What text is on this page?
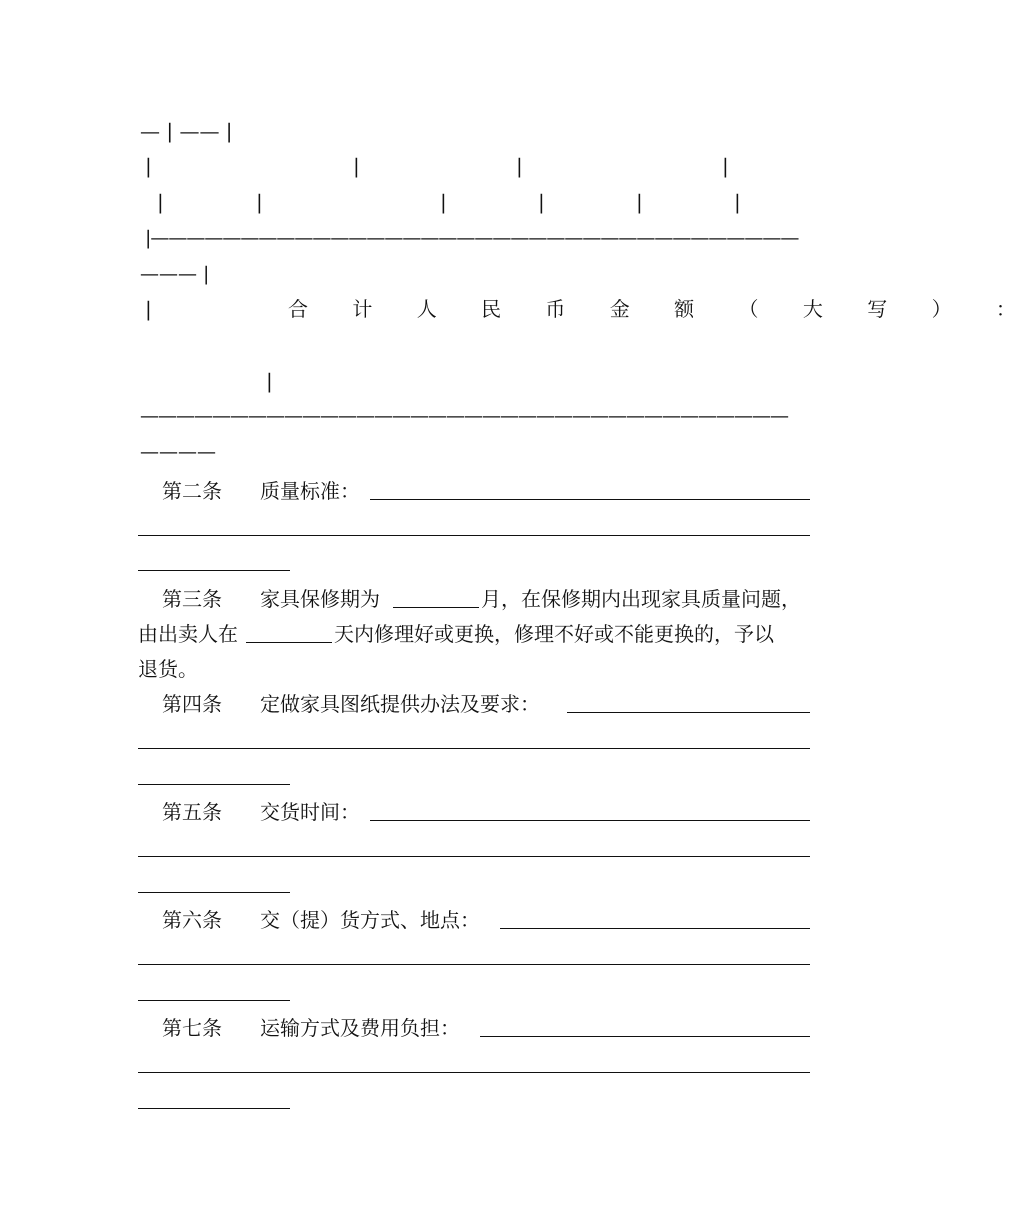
— | —— |
|	|	|	|
|	|	|	|	|	|
|————————————————————————————————————
——— |
|	合 计 人 民 币 金 额 （ 大 写 ） ：
|
————————————————————————————————————
————
第二条 质量标准：
第三条 家具保修期为	月，在保修期内出现家具质量问题，
由出卖人在	天内修理好或更换，修理不好或不能更换的，予以
退货。
第四条 定做家具图纸提供办法及要求：
第五条 交货时间：
第六条 交（提）货方式、地点：
第七条 运输方式及费用负担：
